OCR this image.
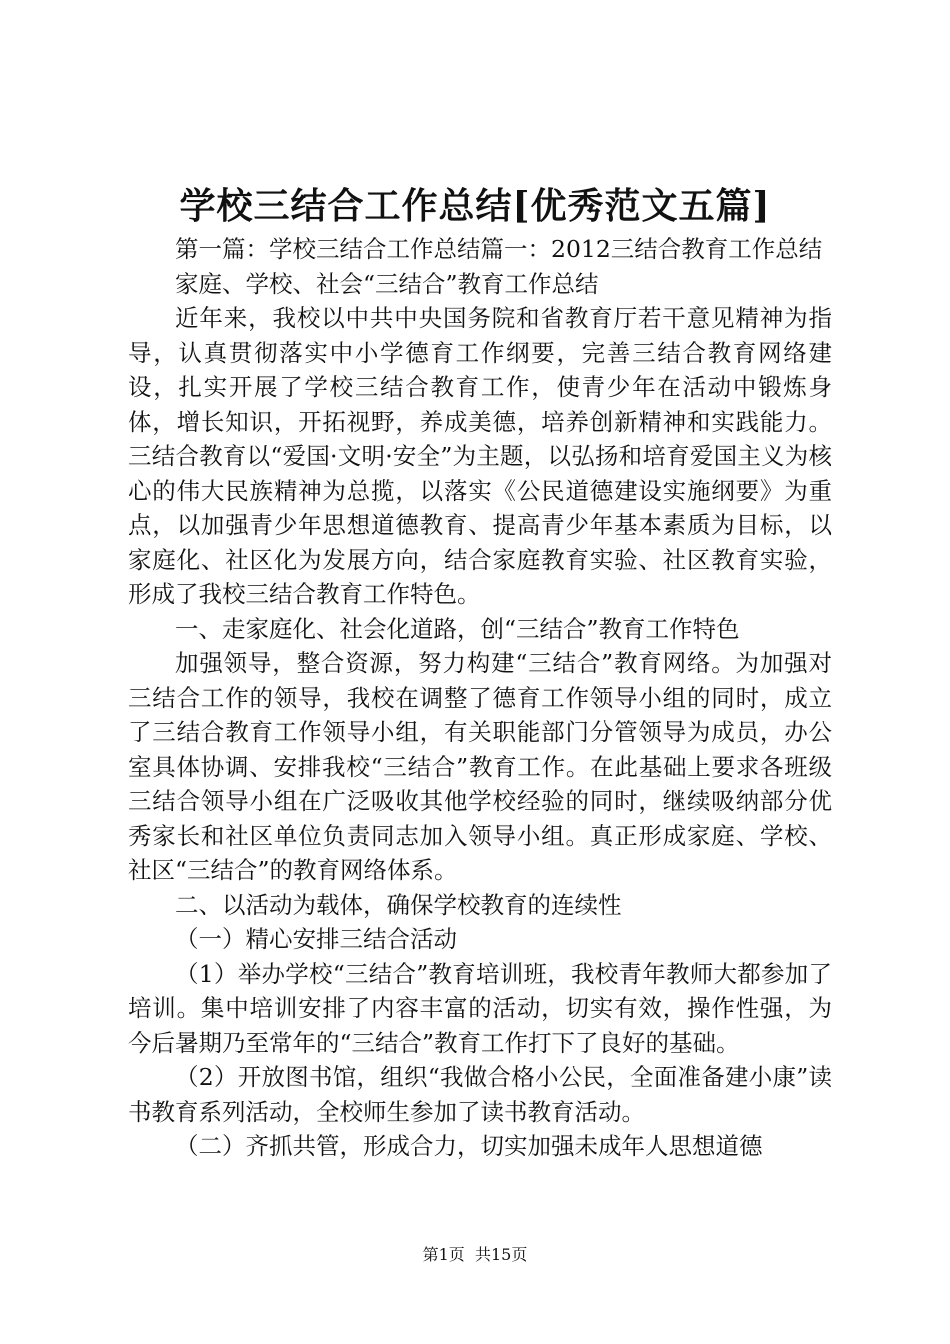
学校三结合工作总结[优秀范文五篇]

第一篇：学校三结合工作总结篇一：2012三结合教育工作总结

家庭、学校、社会“三结合”教育工作总结

近年来，我校以中共中央国务院和省教育厅若干意见精神为指导，认真贯彻落实中小学德育工作纲要，完善三结合教育网络建设，扎实开展了学校三结合教育工作，使青少年在活动中锻炼身体，增长知识，开拓视野，养成美德，培养创新精神和实践能力。三结合教育以“爱国·文明·安全”为主题，以弘扬和培育爱国主义为核心的伟大民族精神为总揽，以落实《公民道德建设实施纲要》为重点，以加强青少年思想道德教育、提高青少年基本素质为目标，以家庭化、社区化为发展方向，结合家庭教育实验、社区教育实验，形成了我校三结合教育工作特色。

一、走家庭化、社会化道路，创“三结合”教育工作特色

加强领导，整合资源，努力构建“三结合”教育网络。为加强对三结合工作的领导，我校在调整了德育工作领导小组的同时，成立了三结合教育工作领导小组，有关职能部门分管领导为成员，办公室具体协调、安排我校“三结合”教育工作。在此基础上要求各班级三结合领导小组在广泛吸收其他学校经验的同时，继续吸纳部分优秀家长和社区单位负责同志加入领导小组。真正形成家庭、学校、社区“三结合”的教育网络体系。

二、以活动为载体，确保学校教育的连续性

（一）精心安排三结合活动

（1）举办学校“三结合”教育培训班，我校青年教师大都参加了培训。集中培训安排了内容丰富的活动，切实有效，操作性强，为今后暑期乃至常年的“三结合”教育工作打下了良好的基础。

（2）开放图书馆，组织“我做合格小公民，全面准备建小康”读书教育系列活动，全校师生参加了读书教育活动。

（二）齐抓共管，形成合力，切实加强未成年人思想道德

第1页 共15页
